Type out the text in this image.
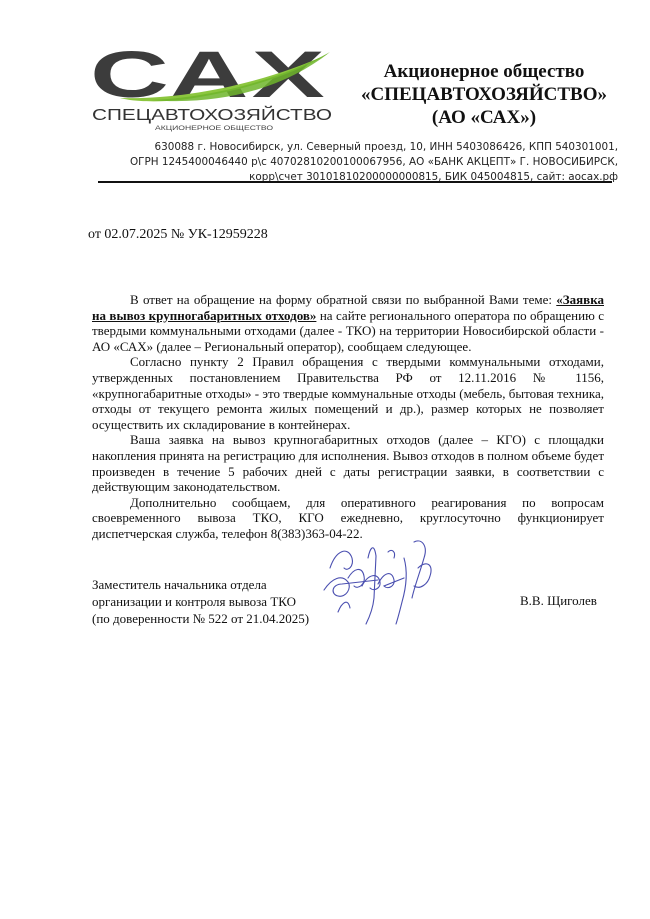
САХ
СПЕЦАВТОХОЗЯЙСТВО
АКЦИОНЕРНОЕ ОБЩЕСТВО
Акционерное общество
«СПЕЦАВТОХОЗЯЙСТВО»
(АО «САХ»)
630088 г. Новосибирск, ул. Северный проезд, 10, ИНН 5403086426, КПП 540301001,
ОГРН 1245400046440 р\с 40702810200100067956, АО «БАНК АКЦЕПТ» Г. НОВОСИБИРСК,
корр\счет 30101810200000000815, БИК 045004815, сайт: aocax.рф
от 02.07.2025 № УК-12959228

В ответ на обращение на форму обратной связи по выбранной Вами теме: «Заявка на вывоз крупногабаритных отходов» на сайте регионального оператора по обращению с твердыми коммунальными отходами (далее - ТКО) на территории Новосибирской области - АО «САХ» (далее – Региональный оператор), сообщаем следующее.

Согласно пункту 2 Правил обращения с твердыми коммунальными отходами, утвержденных постановлением Правительства РФ от 12.11.2016 № 1156, «крупногабаритные отходы» - это твердые коммунальные отходы (мебель, бытовая техника, отходы от текущего ремонта жилых помещений и др.), размер которых не позволяет осуществить их складирование в контейнерах.

Ваша заявка на вывоз крупногабаритных отходов (далее – КГО) с площадки накопления принята на регистрацию для исполнения. Вывоз отходов в полном объеме будет произведен в течение 5 рабочих дней с даты регистрации заявки, в соответствии с действующим законодательством.

Дополнительно сообщаем, для оперативного реагирования по вопросам своевременного вывоза ТКО, КГО ежедневно, круглосуточно функционирует диспетчерская служба, телефон 8(383)363-04-22.

Заместитель начальника отдела
организации и контроля вывоза ТКО
(по доверенности № 522 от 21.04.2025)
В.В. Щиголев
